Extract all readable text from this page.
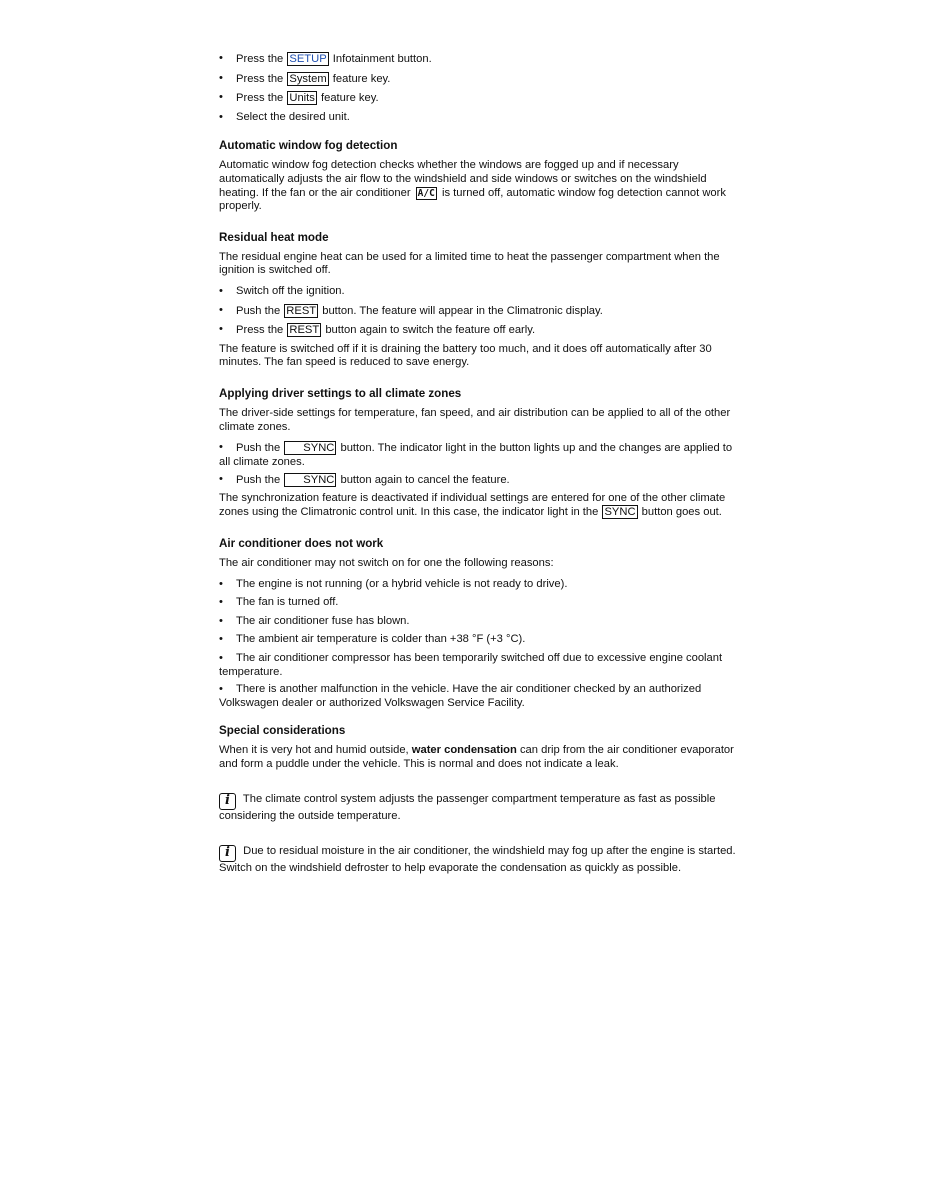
• Press the SETUP Infotainment button.
• Press the System feature key.
• Press the Units feature key.
• Select the desired unit.
Automatic window fog detection

Automatic window fog detection checks whether the windows are fogged up and if necessary automatically adjusts the air flow to the windshield and side windows or switches on the windshield heating. If the fan or the air conditioner A/C is turned off, automatic window fog detection cannot work properly.

Residual heat mode

The residual engine heat can be used for a limited time to heat the passenger compartment when the ignition is switched off.

• Switch off the ignition.
• Push the REST button. The feature will appear in the Climatronic display.
• Press the REST button again to switch the feature off early.

The feature is switched off if it is draining the battery too much, and it does off automatically after 30 minutes. The fan speed is reduced to save energy.

Applying driver settings to all climate zones

The driver-side settings for temperature, fan speed, and air distribution can be applied to all of the other climate zones.

• Push the SYNC button. The indicator light in the button lights up and the changes are applied to all climate zones.
• Push the SYNC button again to cancel the feature.

The synchronization feature is deactivated if individual settings are entered for one of the other climate zones using the Climatronic control unit. In this case, the indicator light in the SYNC button goes out.

Air conditioner does not work

The air conditioner may not switch on for one the following reasons:

• The engine is not running (or a hybrid vehicle is not ready to drive).
• The fan is turned off.
• The air conditioner fuse has blown.
• The ambient air temperature is colder than +38 °F (+3 °C).
• The air conditioner compressor has been temporarily switched off due to excessive engine coolant temperature.
• There is another malfunction in the vehicle. Have the air conditioner checked by an authorized Volkswagen dealer or authorized Volkswagen Service Facility.
Special considerations

When it is very hot and humid outside, water condensation can drip from the air conditioner evaporator and form a puddle under the vehicle. This is normal and does not indicate a leak.

i The climate control system adjusts the passenger compartment temperature as fast as possible considering the outside temperature.

i Due to residual moisture in the air conditioner, the windshield may fog up after the engine is started. Switch on the windshield defroster to help evaporate the condensation as quickly as possible.
